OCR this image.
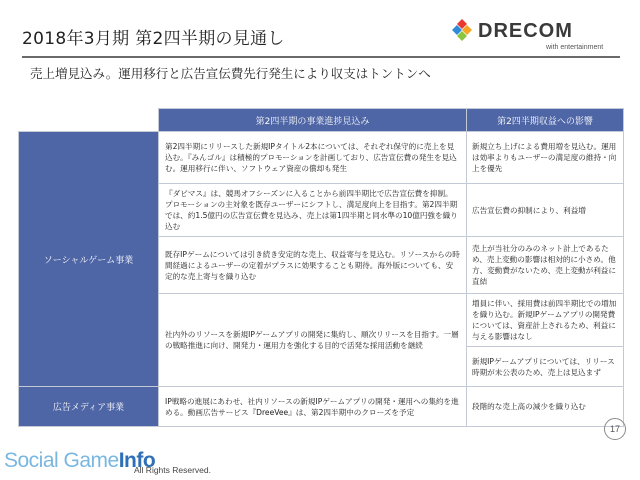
2018年3月期 第2四半期の見通し	DRECOM
with entertainment
売上増見込み。運用移行と広告宣伝費先行発生により収支はトントンへ
	第2四半期の事業進捗見込み	第2四半期収益への影響
ソーシャルゲーム事業	第2四半期にリリースした新規IPタイトル2本については、それぞれ保守的に売上を見込む。『みんゴル』は積極的プロモーションを計画しており、広告宣伝費の発生を見込む。運用移行に伴い、ソフトウェア資産の償却も発生	新規立ち上げによる費用増を見込む。運用は効率よりもユーザーの満足度の維持・向上を優先
	『ダビマス』は、競馬オフシーズンに入ることから前四半期比で広告宣伝費を抑制。プロモーションの主対象を既存ユーザーにシフトし、満足度向上を目指す。第2四半期では、約1.5億円の広告宣伝費を見込み、売上は第1四半期と同水準の10億円強を織り込む	広告宣伝費の抑制により、利益増
	既存IPゲームについては引き続き安定的な売上、収益寄与を見込む。リソースからの時間経過によるユーザーの定着がプラスに効果することも期待。海外版についても、安定的な売上寄与を織り込む	売上が当社分のみのネット計上であるため、売上変動の影響は相対的に小さめ。他方、変動費がないため、売上変動が利益に直結
	社内外のリソースを新規IPゲームアプリの開発に集約し、順次リリースを目指す。一層の戦略推進に向け、開発力・運用力を強化する目的で活発な採用活動を継続	増員に伴い、採用費は前四半期比での増加を織り込む。新規IPゲームアプリの開発費については、資産計上されるため、利益に与える影響はなし
		新規IPゲームアプリについては、リリース時期が未公表のため、売上は見込まず
広告メディア事業	IP戦略の進展にあわせ、社内リソースの新規IPゲームアプリの開発・運用への集約を進める。動画広告サービス『DreeVee』は、第2四半期中のクローズを予定	段階的な売上高の減少を織り込む
17
Social GameInfo
All Rights Reserved.
